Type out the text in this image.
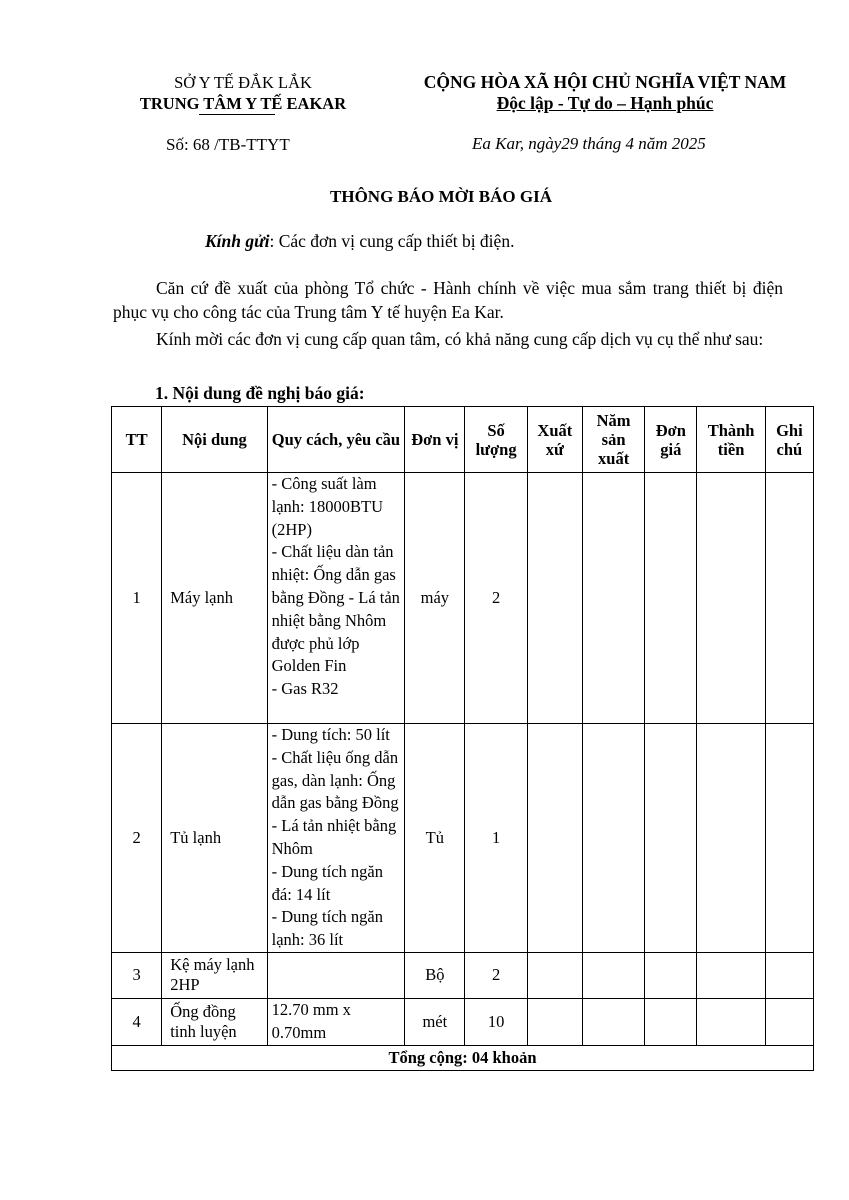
SỞ Y TẾ ĐẮK LẮK
TRUNG TÂM Y TẾ EAKAR
CỘNG HÒA XÃ HỘI CHỦ NGHĨA VIỆT NAM
Độc lập - Tự do – Hạnh phúc
Số: 68 /TB-TTYT	Ea Kar, ngày29 tháng 4 năm 2025
THÔNG BÁO MỜI BÁO GIÁ
Kính gửi: Các đơn vị cung cấp thiết bị điện.
Căn cứ đề xuất của phòng Tổ chức - Hành chính về việc mua sắm trang thiết bị điện phục vụ cho công tác của Trung tâm Y tế huyện Ea Kar.
Kính mời các đơn vị cung cấp quan tâm, có khả năng cung cấp dịch vụ cụ thể như sau:
1. Nội dung đề nghị báo giá:
TT	Nội dung	Quy cách, yêu cầu	Đơn vị	Số lượng	Xuất xứ	Năm sản xuất	Đơn giá	Thành tiền	Ghi chú
1	Máy lạnh	- Công suất làm lạnh: 18000BTU (2HP)
- Chất liệu dàn tản nhiệt: Ống dẫn gas bằng Đồng - Lá tản nhiệt bằng Nhôm được phủ lớp Golden Fin
- Gas R32	máy	2					
2	Tủ lạnh	- Dung tích: 50 lít
- Chất liệu ống dẫn gas, dàn lạnh: Ống dẫn gas bằng Đồng - Lá tản nhiệt bằng Nhôm
- Dung tích ngăn đá: 14 lít
- Dung tích ngăn lạnh: 36 lít	Tủ	1					
3	Kệ máy lạnh 2HP		Bộ	2					
4	Ống đồng tinh luyện	12.70 mm x 0.70mm	mét	10					
Tổng cộng: 04 khoản									
